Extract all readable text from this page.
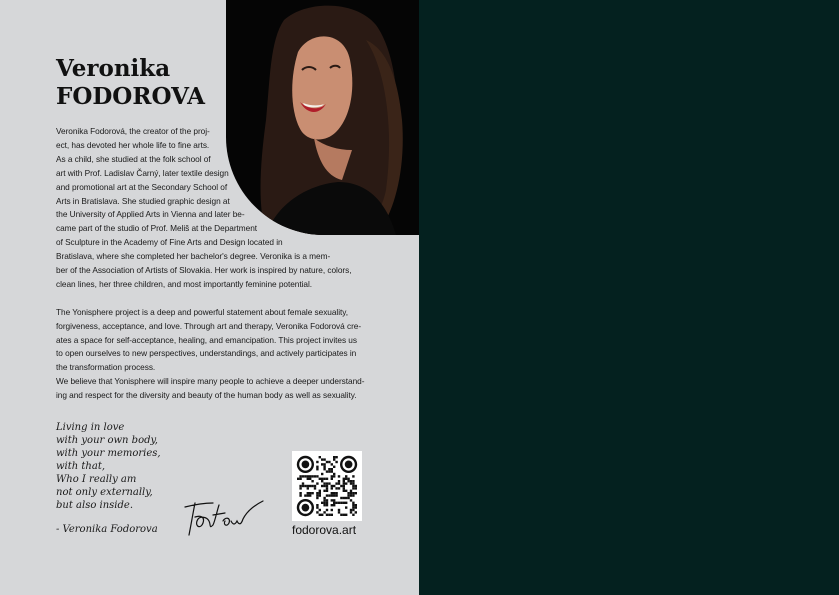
Veronika
FODOROVA
Veronika Fodorová, the creator of the proj-
ect, has devoted her whole life to fine arts.
As a child, she studied at the folk school of
art with Prof. Ladislav Čarný, later textile design
and promotional art at the Secondary School of
Arts in Bratislava. She studied graphic design at
the University of Applied Arts in Vienna and later be-
came part of the studio of Prof. Meliš at the Department
of Sculpture in the Academy of Fine Arts and Design located in
Bratislava, where she completed her bachelor's degree. Veronika is a mem-
ber of the Association of Artists of Slovakia. Her work is inspired by nature, colors,
clean lines, her three children, and most importantly feminine potential.
The Yonisphere project is a deep and powerful statement about female sexuality,
forgiveness, acceptance, and love. Through art and therapy, Veronika Fodorová cre-
ates a space for self-acceptance, healing, and emancipation. This project invites us
to open ourselves to new perspectives, understandings, and actively participates in
the transformation process.
We believe that Yonisphere will inspire many people to achieve a deeper understand-
ing and respect for the diversity and beauty of the human body as well as sexuality.
Living in love
with your own body,
with your memories,
with that,
Who I really am
not only externally,
but also inside.
- Veronika Fodorova	fodorova.art
